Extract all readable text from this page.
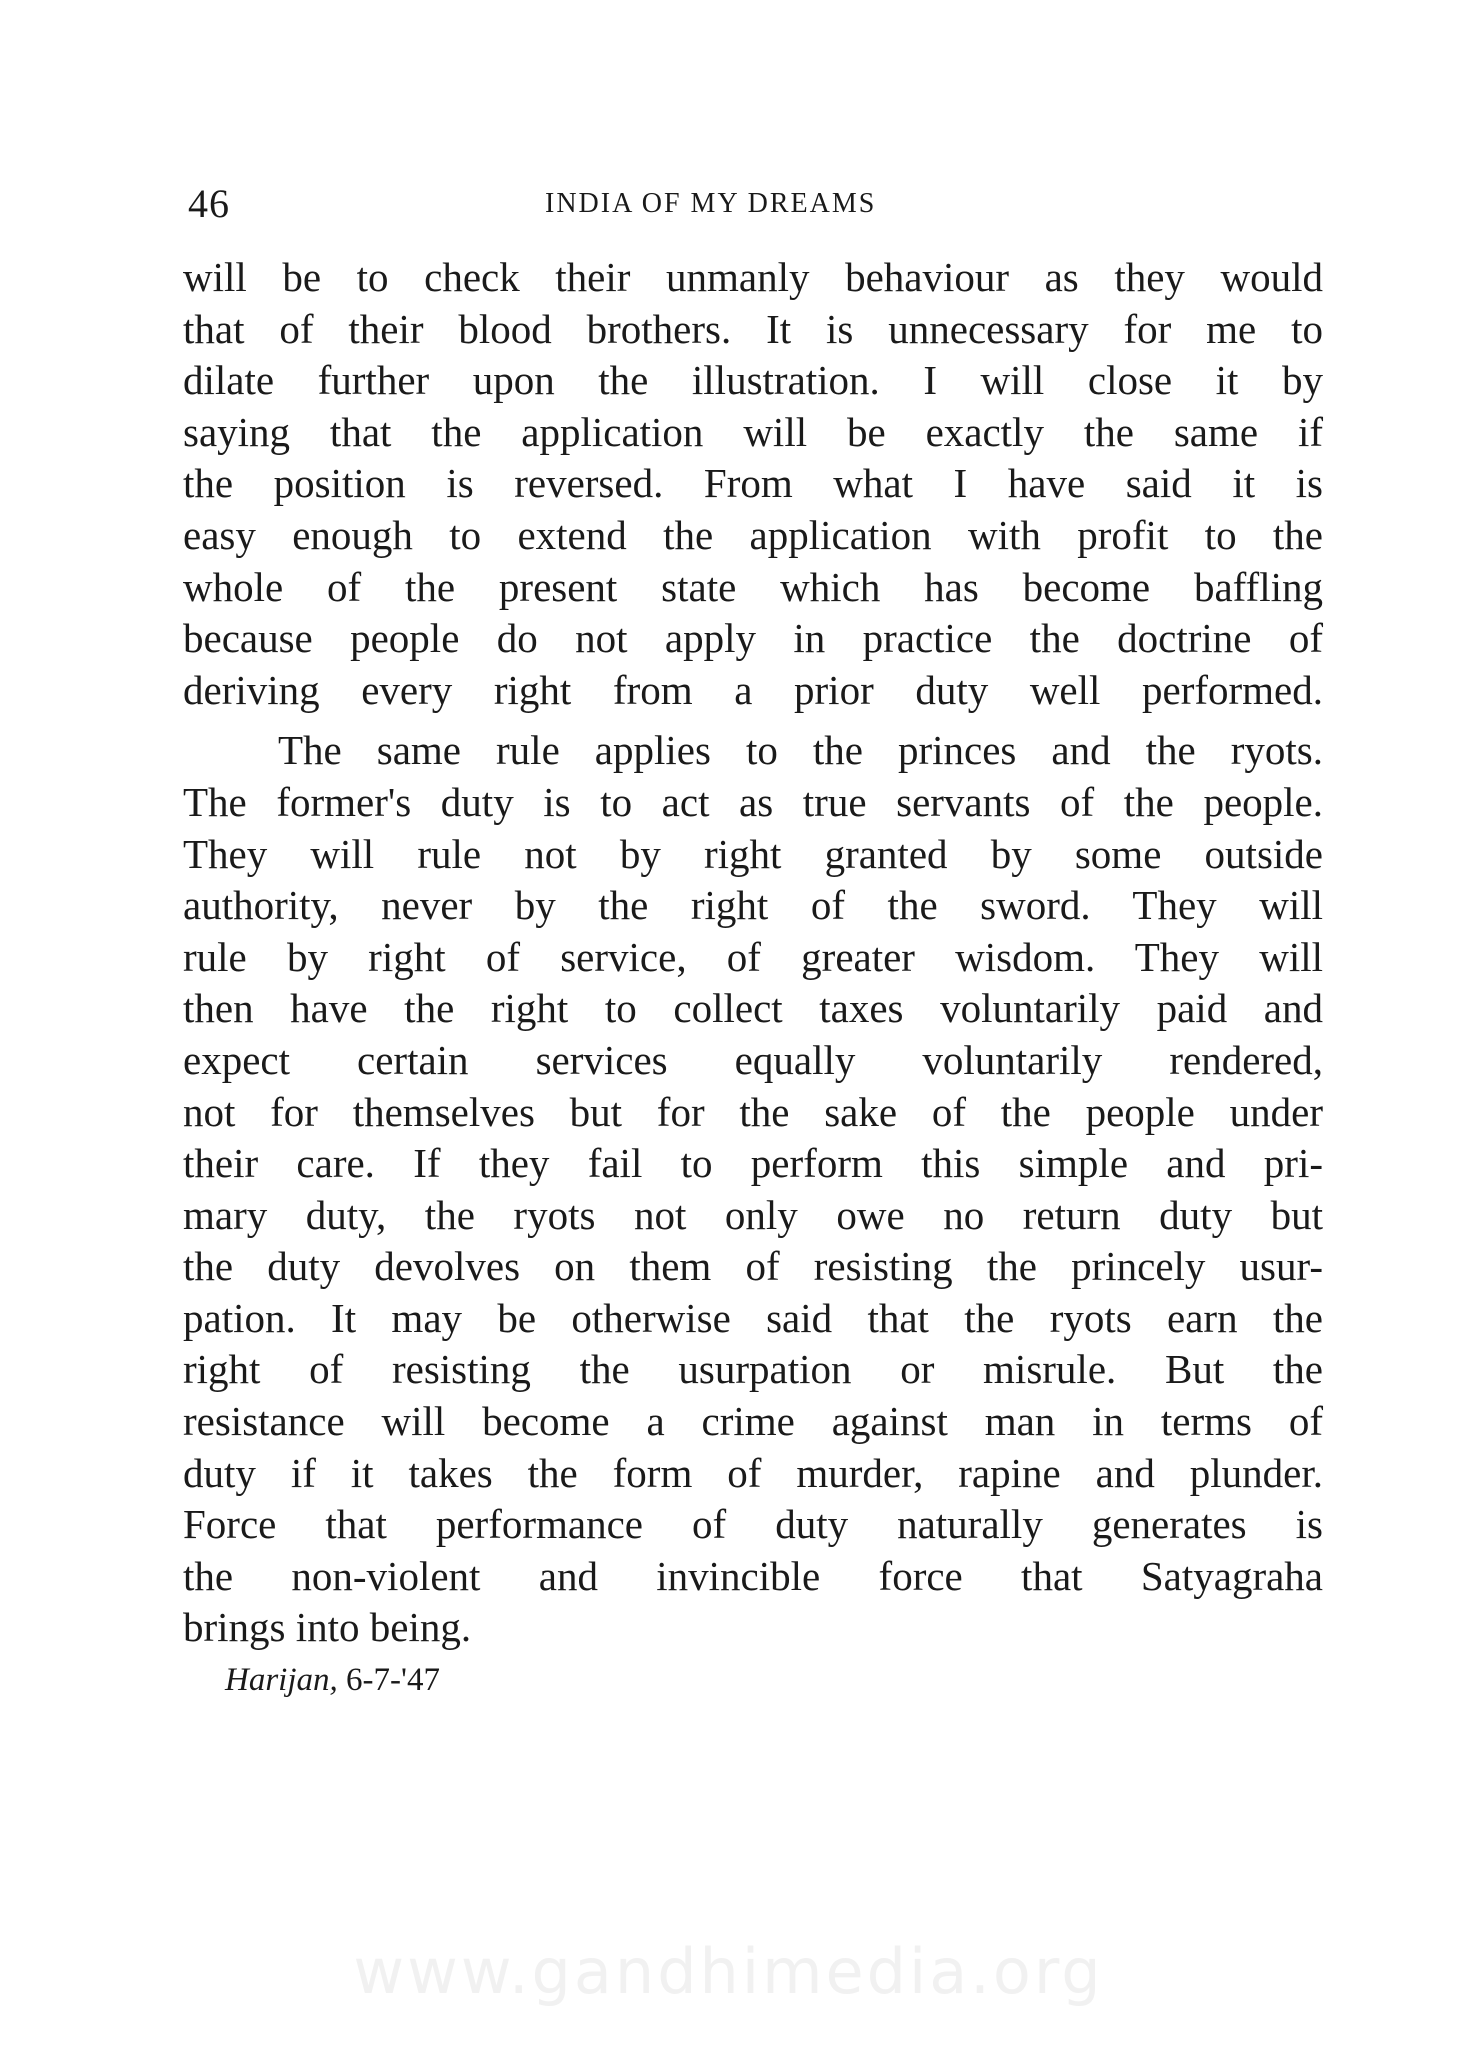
46	INDIA OF MY DREAMS
will be to check their unmanly behaviour as they would
that of their blood brothers. It is unnecessary for me to
dilate further upon the illustration. I will close it by
saying that the application will be exactly the same if
the position is reversed. From what I have said it is
easy enough to extend the application with profit to the
whole of the present state which has become baffling
because people do not apply in practice the doctrine of
deriving every right from a prior duty well performed.
The same rule applies to the princes and the ryots.
The former's duty is to act as true servants of the people.
They will rule not by right granted by some outside
authority, never by the right of the sword. They will
rule by right of service, of greater wisdom. They will
then have the right to collect taxes voluntarily paid and
expect certain services equally voluntarily rendered,
not for themselves but for the sake of the people under
their care. If they fail to perform this simple and pri-
mary duty, the ryots not only owe no return duty but
the duty devolves on them of resisting the princely usur-
pation. It may be otherwise said that the ryots earn the
right of resisting the usurpation or misrule. But the
resistance will become a crime against man in terms of
duty if it takes the form of murder, rapine and plunder.
Force that performance of duty naturally generates is
the non-violent and invincible force that Satyagraha
brings into being.
Harijan, 6-7-'47
www.gandhimedia.org
